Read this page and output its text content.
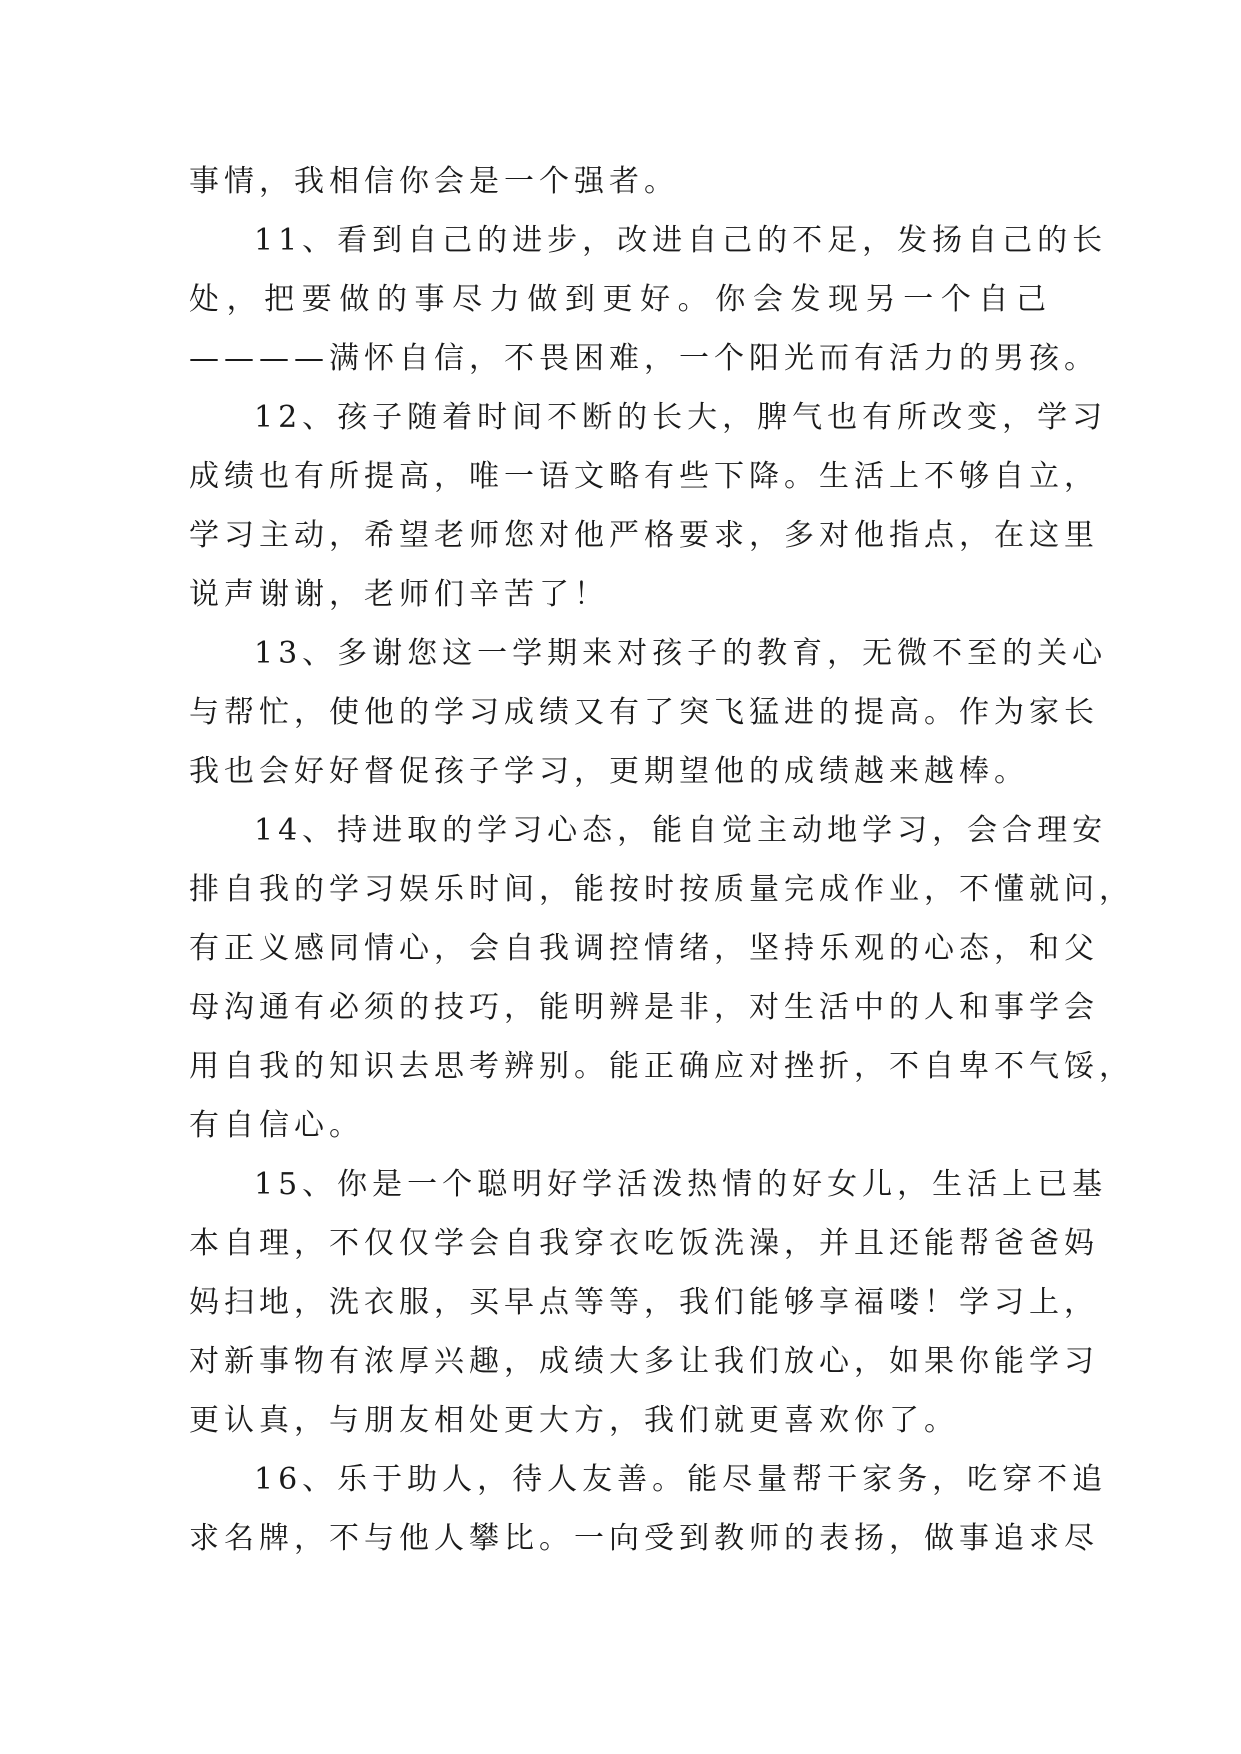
事情，我相信你会是一个强者。
11、看到自己的进步，改进自己的不足，发扬自己的长
处，把要做的事尽力做到更好。你会发现另一个自己
————满怀自信，不畏困难，一个阳光而有活力的男孩。
12、孩子随着时间不断的长大，脾气也有所改变，学习
成绩也有所提高，唯一语文略有些下降。生活上不够自立，
学习主动，希望老师您对他严格要求，多对他指点，在这里
说声谢谢，老师们辛苦了！
13、多谢您这一学期来对孩子的教育，无微不至的关心
与帮忙，使他的学习成绩又有了突飞猛进的提高。作为家长
我也会好好督促孩子学习，更期望他的成绩越来越棒。
14、持进取的学习心态，能自觉主动地学习，会合理安
排自我的学习娱乐时间，能按时按质量完成作业，不懂就问，
有正义感同情心，会自我调控情绪，坚持乐观的心态，和父
母沟通有必须的技巧，能明辨是非，对生活中的人和事学会
用自我的知识去思考辨别。能正确应对挫折，不自卑不气馁，
有自信心。
15、你是一个聪明好学活泼热情的好女儿，生活上已基
本自理，不仅仅学会自我穿衣吃饭洗澡，并且还能帮爸爸妈
妈扫地，洗衣服，买早点等等，我们能够享福喽！学习上，
对新事物有浓厚兴趣，成绩大多让我们放心，如果你能学习
更认真，与朋友相处更大方，我们就更喜欢你了。
16、乐于助人，待人友善。能尽量帮干家务，吃穿不追
求名牌，不与他人攀比。一向受到教师的表扬，做事追求尽
